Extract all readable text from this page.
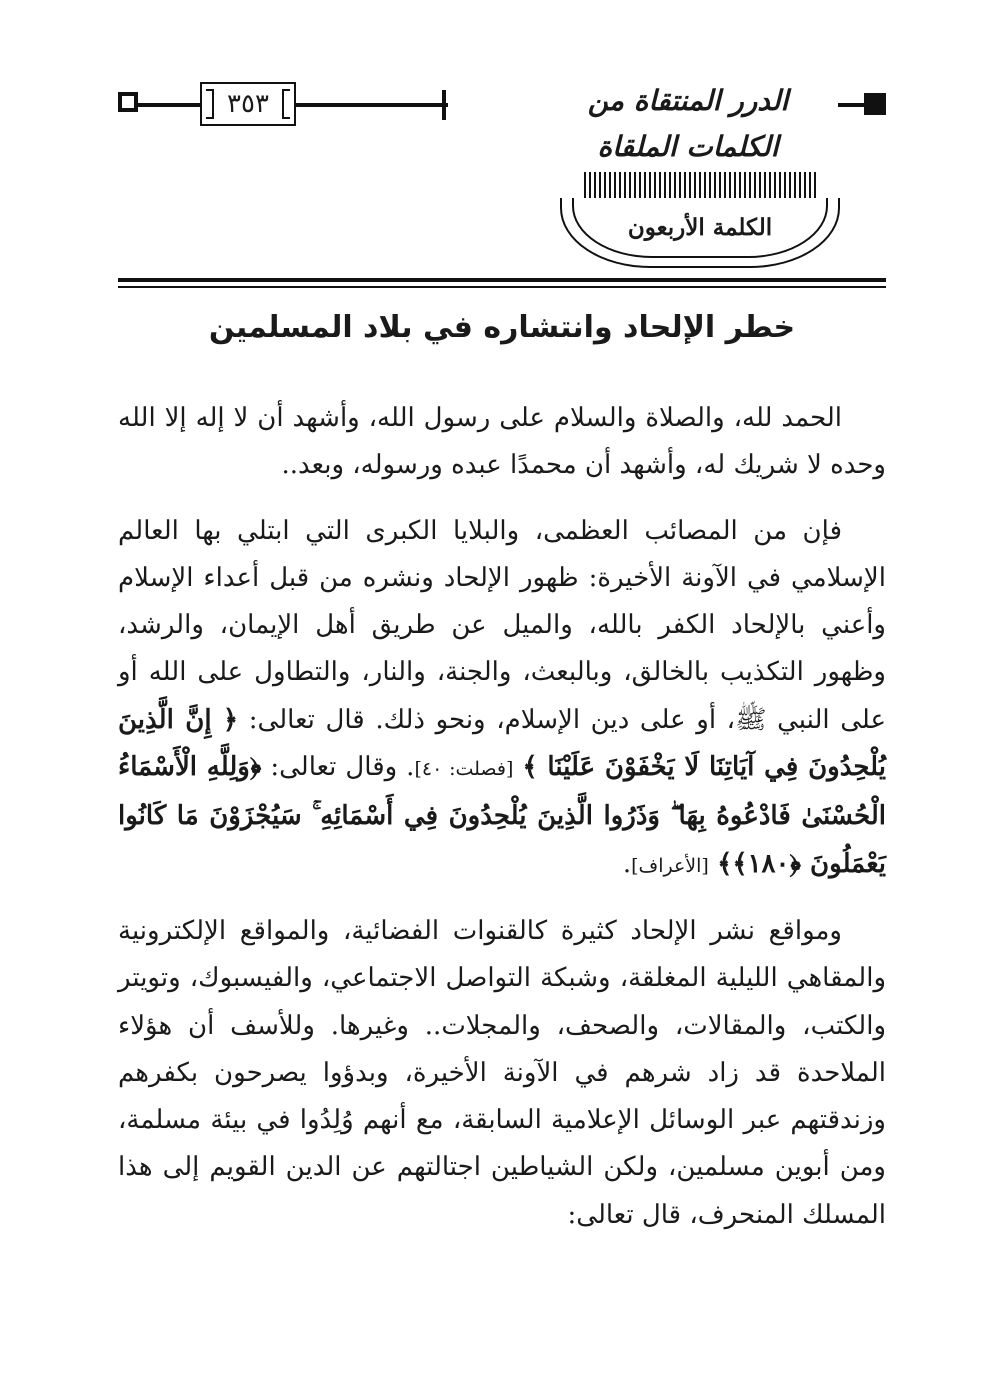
٣٥٣	الدرر المنتقاة من الكلمات الملقاة
الكلمة الأربعون
خطر الإلحاد وانتشاره في بلاد المسلمين

الحمد لله، والصلاة والسلام على رسول الله، وأشهد أن لا إله إلا الله وحده لا شريك له، وأشهد أن محمدًا عبده ورسوله، وبعد..

فإن من المصائب العظمى، والبلايا الكبرى التي ابتلي بها العالم الإسلامي في الآونة الأخيرة: ظهور الإلحاد ونشره من قبل أعداء الإسلام وأعني بالإلحاد الكفر بالله، والميل عن طريق أهل الإيمان، والرشد، وظهور التكذيب بالخالق، وبالبعث، والجنة، والنار، والتطاول على الله أو على النبي ﷺ، أو على دين الإسلام، ونحو ذلك. قال تعالى: ﴿ إِنَّ الَّذِينَ يُلْحِدُونَ فِي آيَاتِنَا لَا يَخْفَوْنَ عَلَيْنَا ﴾ [فصلت: ٤٠]. وقال تعالى: ﴿وَلِلَّهِ الْأَسْمَاءُ الْحُسْنَىٰ فَادْعُوهُ بِهَا ۖ وَذَرُوا الَّذِينَ يُلْحِدُونَ فِي أَسْمَائِهِ ۚ سَيُجْزَوْنَ مَا كَانُوا يَعْمَلُونَ ﴿١٨٠﴾﴾ [الأعراف].

ومواقع نشر الإلحاد كثيرة كالقنوات الفضائية، والمواقع الإلكترونية والمقاهي الليلية المغلقة، وشبكة التواصل الاجتماعي، والفيسبوك، وتويتر والكتب، والمقالات، والصحف، والمجلات.. وغيرها. وللأسف أن هؤلاء الملاحدة قد زاد شرهم في الآونة الأخيرة، وبدؤوا يصرحون بكفرهم وزندقتهم عبر الوسائل الإعلامية السابقة، مع أنهم وُلِدُوا في بيئة مسلمة، ومن أبوين مسلمين، ولكن الشياطين اجتالتهم عن الدين القويم إلى هذا المسلك المنحرف، قال تعالى:
